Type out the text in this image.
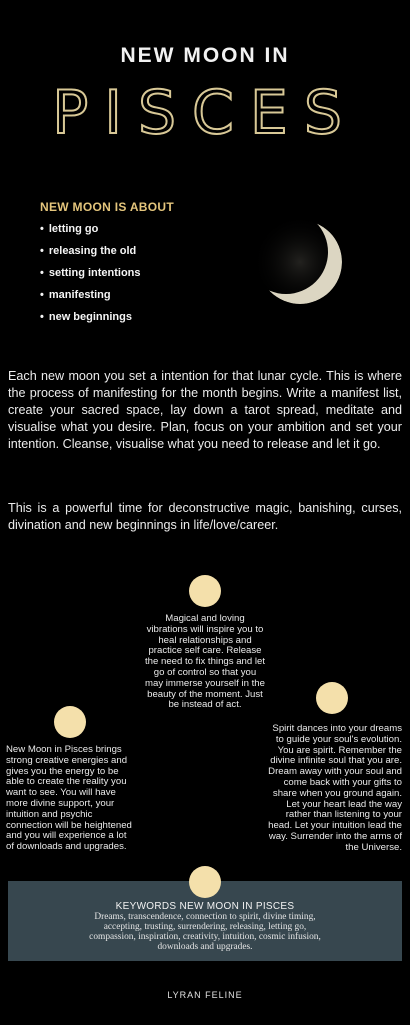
NEW MOON IN
PISCES
NEW MOON IS ABOUT
• letting go
• releasing the old
• setting intentions
• manifesting
• new beginnings

Each new moon you set a intention for that lunar cycle. This is where the process of manifesting for the month begins. Write a manifest list, create your sacred space, lay down a tarot spread, meditate and visualise what you desire. Plan, focus on your ambition and set your intention. Cleanse, visualise what you need to release and let it go.

This is a powerful time for deconstructive magic, banishing, curses, divination and new beginnings in life/love/career.

Magical and loving vibrations will inspire you to heal relationships and practice self care. Release the need to fix things and let go of control so that you may immerse yourself in the beauty of the moment. Just be instead of act.

New Moon in Pisces brings strong creative energies and gives you the energy to be able to create the reality you want to see. You will have more divine support, your intuition and psychic connection will be heightened and you will experience a lot of downloads and upgrades.

Spirit dances into your dreams to guide your soul's evolution. You are spirit. Remember the divine infinite soul that you are. Dream away with your soul and come back with your gifts to share when you ground again. Let your heart lead the way rather than listening to your head. Let your intuition lead the way. Surrender into the arms of the Universe.

KEYWORDS NEW MOON IN PISCES

Dreams, transcendence, connection to spirit, divine timing, accepting, trusting, surrendering, releasing, letting go, compassion, inspiration, creativity, intuition, cosmic infusion, downloads and upgrades.

LYRAN FELINE
